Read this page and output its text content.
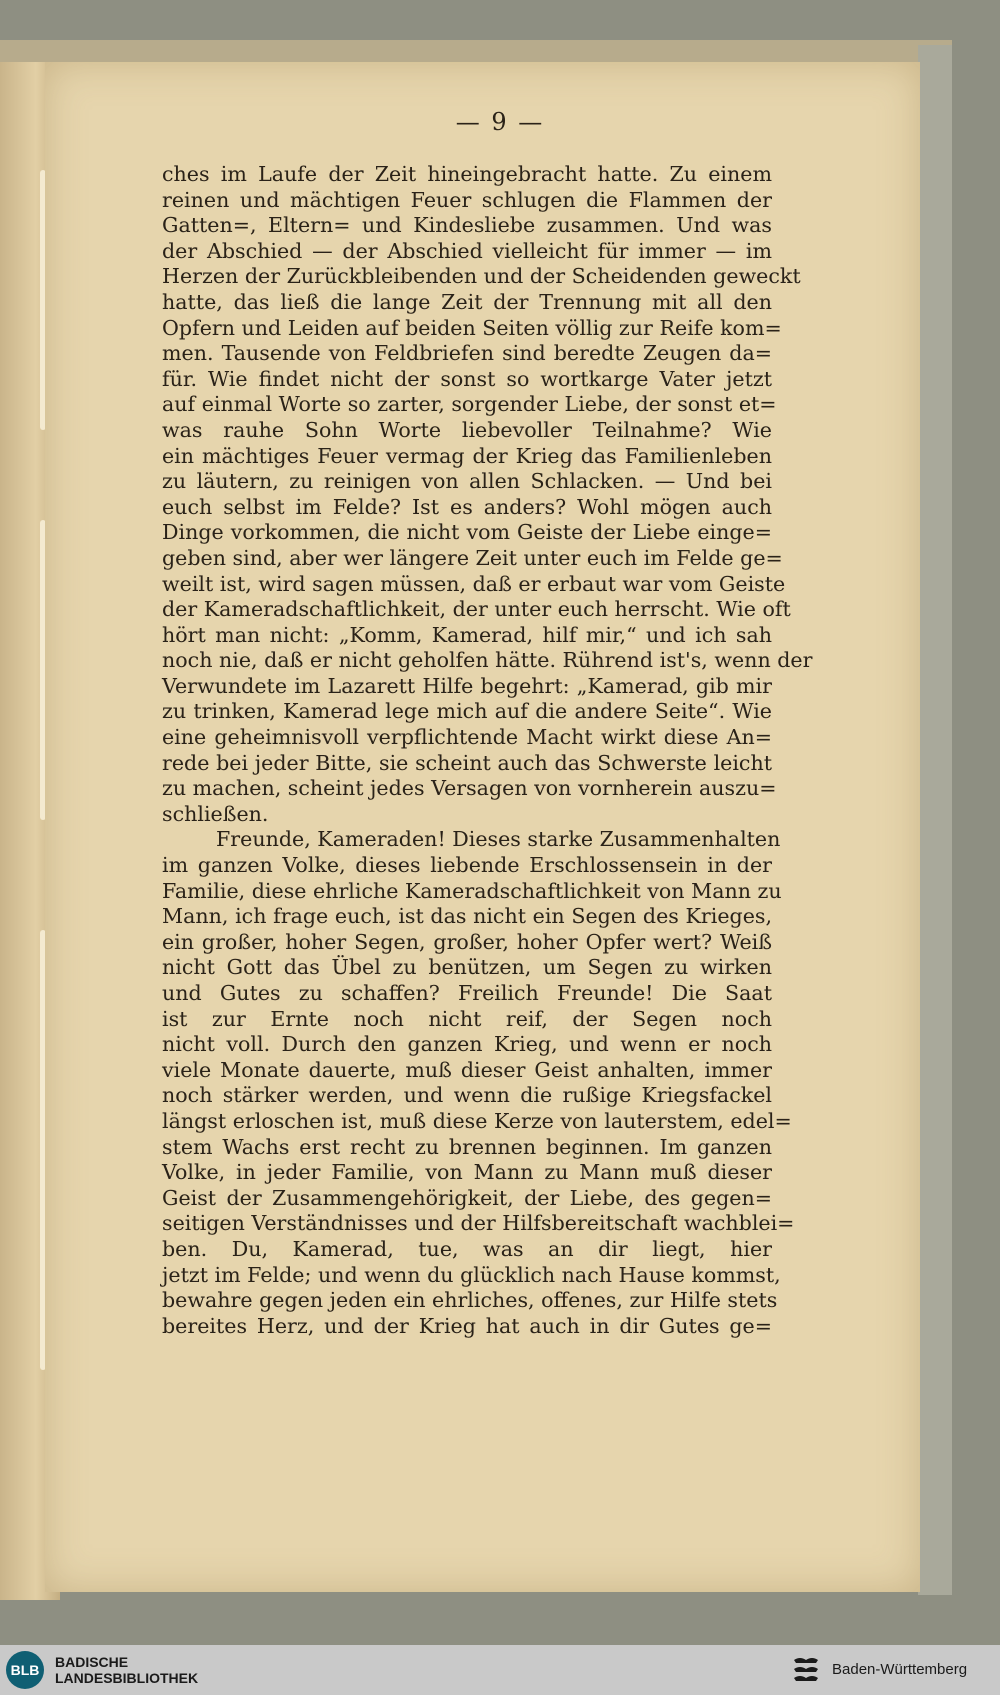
— 9 —
ches im Laufe der Zeit hineingebracht hatte. Zu einem
reinen und mächtigen Feuer schlugen die Flammen der
Gatten=, Eltern= und Kindesliebe zusammen. Und was
der Abschied — der Abschied vielleicht für immer — im
Herzen der Zurückbleibenden und der Scheidenden geweckt
hatte, das ließ die lange Zeit der Trennung mit all den
Opfern und Leiden auf beiden Seiten völlig zur Reife kom=
men. Tausende von Feldbriefen sind beredte Zeugen da=
für. Wie findet nicht der sonst so wortkarge Vater jetzt
auf einmal Worte so zarter, sorgender Liebe, der sonst et=
was rauhe Sohn Worte liebevoller Teilnahme? Wie
ein mächtiges Feuer vermag der Krieg das Familienleben
zu läutern, zu reinigen von allen Schlacken. — Und bei
euch selbst im Felde? Ist es anders? Wohl mögen auch
Dinge vorkommen, die nicht vom Geiste der Liebe einge=
geben sind, aber wer längere Zeit unter euch im Felde ge=
weilt ist, wird sagen müssen, daß er erbaut war vom Geiste
der Kameradschaftlichkeit, der unter euch herrscht. Wie oft
hört man nicht: „Komm, Kamerad, hilf mir,“ und ich sah
noch nie, daß er nicht geholfen hätte. Rührend ist's, wenn der
Verwundete im Lazarett Hilfe begehrt: „Kamerad, gib mir
zu trinken, Kamerad lege mich auf die andere Seite“. Wie
eine geheimnisvoll verpflichtende Macht wirkt diese An=
rede bei jeder Bitte, sie scheint auch das Schwerste leicht
zu machen, scheint jedes Versagen von vornherein auszu=
schließen.
Freunde, Kameraden! Dieses starke Zusammenhalten
im ganzen Volke, dieses liebende Erschlossensein in der
Familie, diese ehrliche Kameradschaftlichkeit von Mann zu
Mann, ich frage euch, ist das nicht ein Segen des Krieges,
ein großer, hoher Segen, großer, hoher Opfer wert? Weiß
nicht Gott das Übel zu benützen, um Segen zu wirken
und Gutes zu schaffen? Freilich Freunde! Die Saat
ist zur Ernte noch nicht reif, der Segen noch
nicht voll. Durch den ganzen Krieg, und wenn er noch
viele Monate dauerte, muß dieser Geist anhalten, immer
noch stärker werden, und wenn die rußige Kriegsfackel
längst erloschen ist, muß diese Kerze von lauterstem, edel=
stem Wachs erst recht zu brennen beginnen. Im ganzen
Volke, in jeder Familie, von Mann zu Mann muß dieser
Geist der Zusammengehörigkeit, der Liebe, des gegen=
seitigen Verständnisses und der Hilfsbereitschaft wachblei=
ben. Du, Kamerad, tue, was an dir liegt, hier
jetzt im Felde; und wenn du glücklich nach Hause kommst,
bewahre gegen jeden ein ehrliches, offenes, zur Hilfe stets
bereites Herz, und der Krieg hat auch in dir Gutes ge=
BLB	BADISCHE
LANDESBIBLIOTHEK	Baden-Württemberg
